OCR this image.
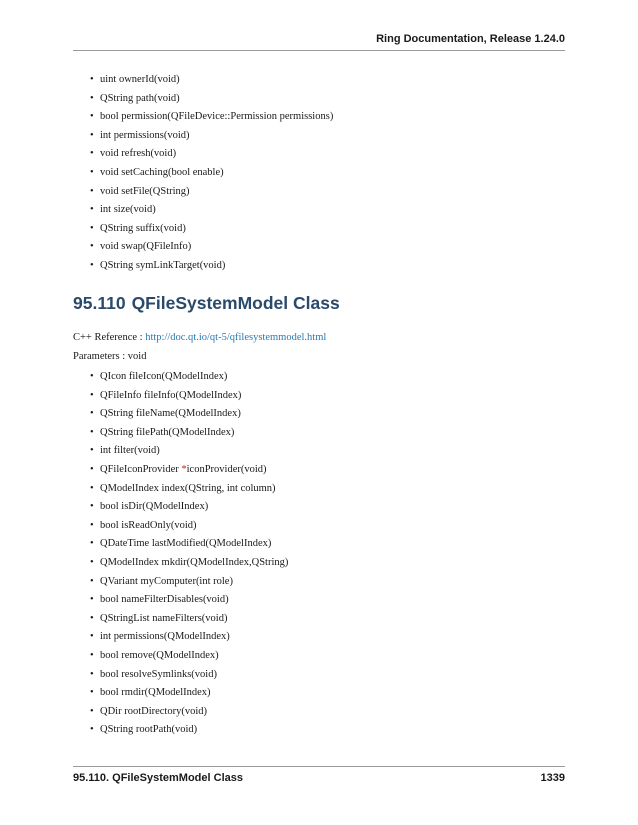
Ring Documentation, Release 1.24.0
• uint ownerId(void)
• QString path(void)
• bool permission(QFileDevice::Permission permissions)
• int permissions(void)
• void refresh(void)
• void setCaching(bool enable)
• void setFile(QString)
• int size(void)
• QString suffix(void)
• void swap(QFileInfo)
• QString symLinkTarget(void)
95.110 QFileSystemModel Class
C++ Reference : http://doc.qt.io/qt-5/qfilesystemmodel.html
Parameters : void
• QIcon fileIcon(QModelIndex)
• QFileInfo fileInfo(QModelIndex)
• QString fileName(QModelIndex)
• QString filePath(QModelIndex)
• int filter(void)
• QFileIconProvider *iconProvider(void)
• QModelIndex index(QString, int column)
• bool isDir(QModelIndex)
• bool isReadOnly(void)
• QDateTime lastModified(QModelIndex)
• QModelIndex mkdir(QModelIndex,QString)
• QVariant myComputer(int role)
• bool nameFilterDisables(void)
• QStringList nameFilters(void)
• int permissions(QModelIndex)
• bool remove(QModelIndex)
• bool resolveSymlinks(void)
• bool rmdir(QModelIndex)
• QDir rootDirectory(void)
• QString rootPath(void)
95.110. QFileSystemModel Class	1339
